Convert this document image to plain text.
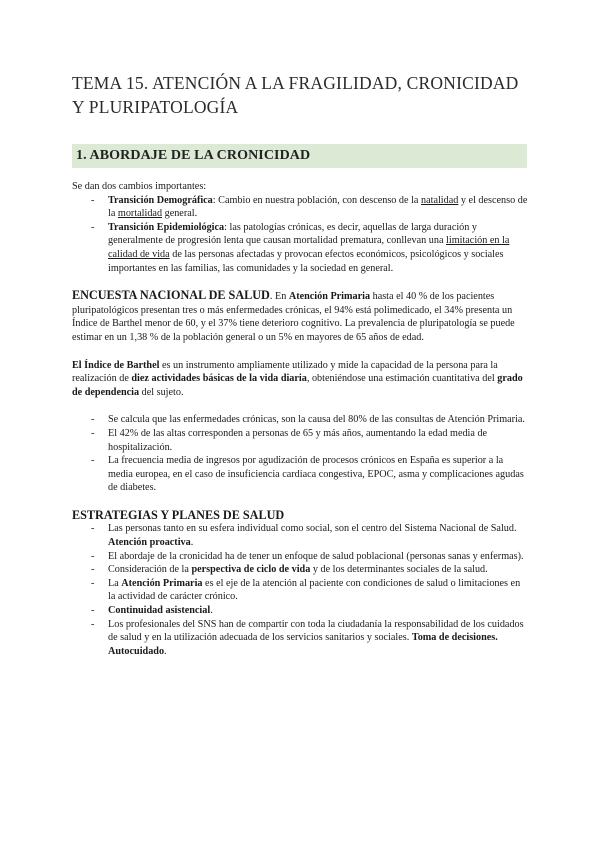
TEMA 15. ATENCIÓN A LA FRAGILIDAD, CRONICIDAD Y PLURIPATOLOGÍA
1. ABORDAJE DE LA CRONICIDAD

Se dan dos cambios importantes:

- Transición Demográfica: Cambio en nuestra población, con descenso de la natalidad y el descenso de la mortalidad general.
- Transición Epidemiológica: las patologías crónicas, es decir, aquellas de larga duración y generalmente de progresión lenta que causan mortalidad prematura, conllevan una limitación en la calidad de vida de las personas afectadas y provocan efectos económicos, psicológicos y sociales importantes en las familias, las comunidades y la sociedad en general.

ENCUESTA NACIONAL DE SALUD. En Atención Primaria hasta el 40 % de los pacientes pluripatológicos presentan tres o más enfermedades crónicas, el 94% está polimedicado, el 34% presenta un Índice de Barthel menor de 60, y el 37% tiene deterioro cognitivo. La prevalencia de pluripatología se puede estimar en un 1,38 % de la población general o un 5% en mayores de 65 años de edad.

El Índice de Barthel es un instrumento ampliamente utilizado y mide la capacidad de la persona para la realización de diez actividades básicas de la vida diaria, obteniéndose una estimación cuantitativa del grado de dependencia del sujeto.

- Se calcula que las enfermedades crónicas, son la causa del 80% de las consultas de Atención Primaria.
- El 42% de las altas corresponden a personas de 65 y más años, aumentando la edad media de hospitalización.
- La frecuencia media de ingresos por agudización de procesos crónicos en España es superior a la media europea, en el caso de insuficiencia cardiaca congestiva, EPOC, asma y complicaciones agudas de diabetes.

ESTRATEGIAS Y PLANES DE SALUD

- Las personas tanto en su esfera individual como social, son el centro del Sistema Nacional de Salud. Atención proactiva.
- El abordaje de la cronicidad ha de tener un enfoque de salud poblacional (personas sanas y enfermas).
- Consideración de la perspectiva de ciclo de vida y de los determinantes sociales de la salud.
- La Atención Primaria es el eje de la atención al paciente con condiciones de salud o limitaciones en la actividad de carácter crónico.
- Continuidad asistencial.
- Los profesionales del SNS han de compartir con toda la ciudadanía la responsabilidad de los cuidados de salud y en la utilización adecuada de los servicios sanitarios y sociales. Toma de decisiones. Autocuidado.
